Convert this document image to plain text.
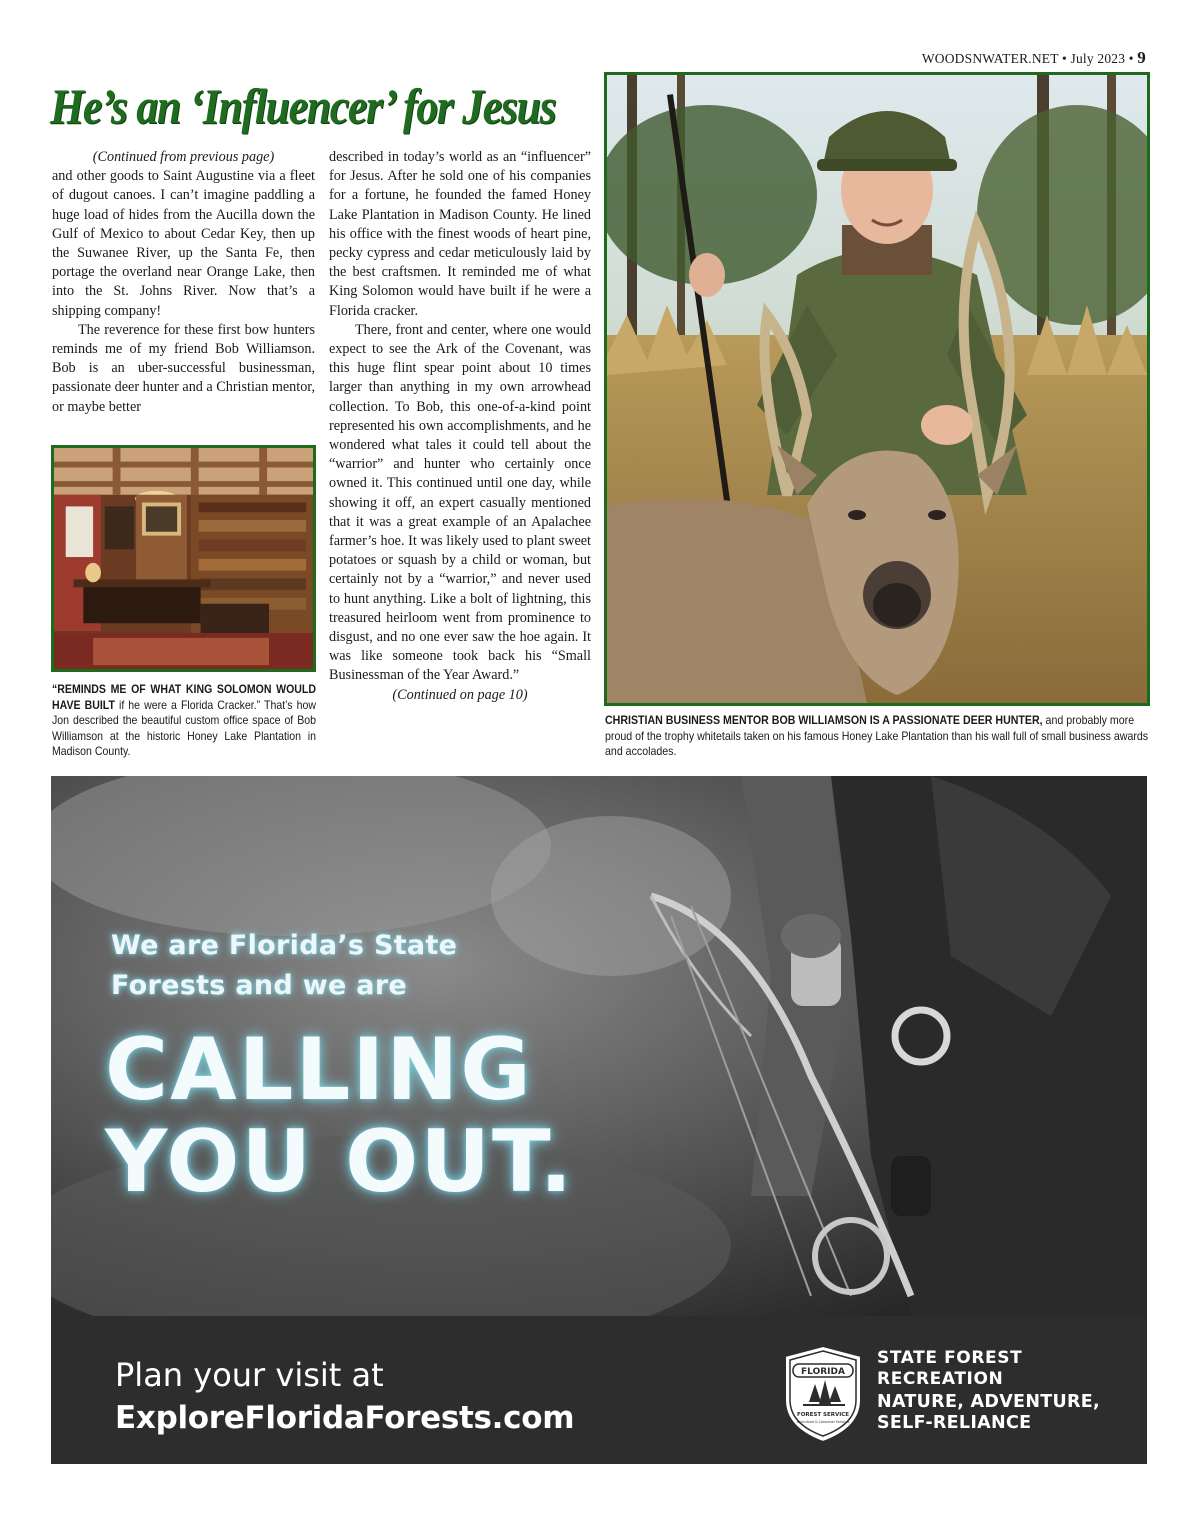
WOODSNWATER.NET • July 2023 • 9
He’s an ‘Influencer’ for Jesus

(Continued from previous page)

and other goods to Saint Augustine via a fleet of dugout canoes. I can’t imagine paddling a huge load of hides from the Aucilla down the Gulf of Mexico to about Cedar Key, then up the Suwanee River, up the Santa Fe, then portage the overland near Orange Lake, then into the St. Johns River. Now that’s a shipping company!

The reverence for these first bow hunters reminds me of my friend Bob Williamson. Bob is an uber-successful businessman, passionate deer hunter and a Christian mentor, or maybe better

described in today’s world as an “influencer” for Jesus. After he sold one of his companies for a fortune, he founded the famed Honey Lake Plantation in Madison County. He lined his office with the finest woods of heart pine, pecky cypress and cedar meticulously laid by the best craftsmen. It reminded me of what King Solomon would have built if he were a Florida cracker.

There, front and center, where one would expect to see the Ark of the Covenant, was this huge flint spear point about 10 times larger than anything in my own arrowhead collection. To Bob, this one-of-a-kind point represented his own accomplishments, and he wondered what tales it could tell about the “warrior” and hunter who certainly once owned it. This continued until one day, while showing it off, an expert casually mentioned that it was a great example of an Apalachee farmer’s hoe. It was likely used to plant sweet potatoes or squash by a child or woman, but certainly not by a “warrior,” and never used to hunt anything. Like a bolt of lightning, this treasured heirloom went from prominence to disgust, and no one ever saw the hoe again. It was like someone took back his “Small Businessman of the Year Award.”

(Continued on page 10)

“REMINDS ME OF WHAT KING SOLOMON WOULD HAVE BUILT if he were a Florida Cracker.” That’s how Jon described the beautiful custom office space of Bob Williamson at the historic Honey Lake Plantation in Madison County.
CHRISTIAN BUSINESS MENTOR BOB WILLIAMSON IS A PASSIONATE DEER HUNTER, and probably more proud of the trophy whitetails taken on his famous Honey Lake Plantation than his wall full of small business awards and accolades.
We are Florida’s State
Forests and we are
CALLING
YOU OUT.
Plan your visit at
ExploreFloridaForests.com
FLORIDA
FOREST SERVICE
Agriculture & Consumer Services
STATE FOREST
RECREATION
NATURE, ADVENTURE,
SELF-RELIANCE
